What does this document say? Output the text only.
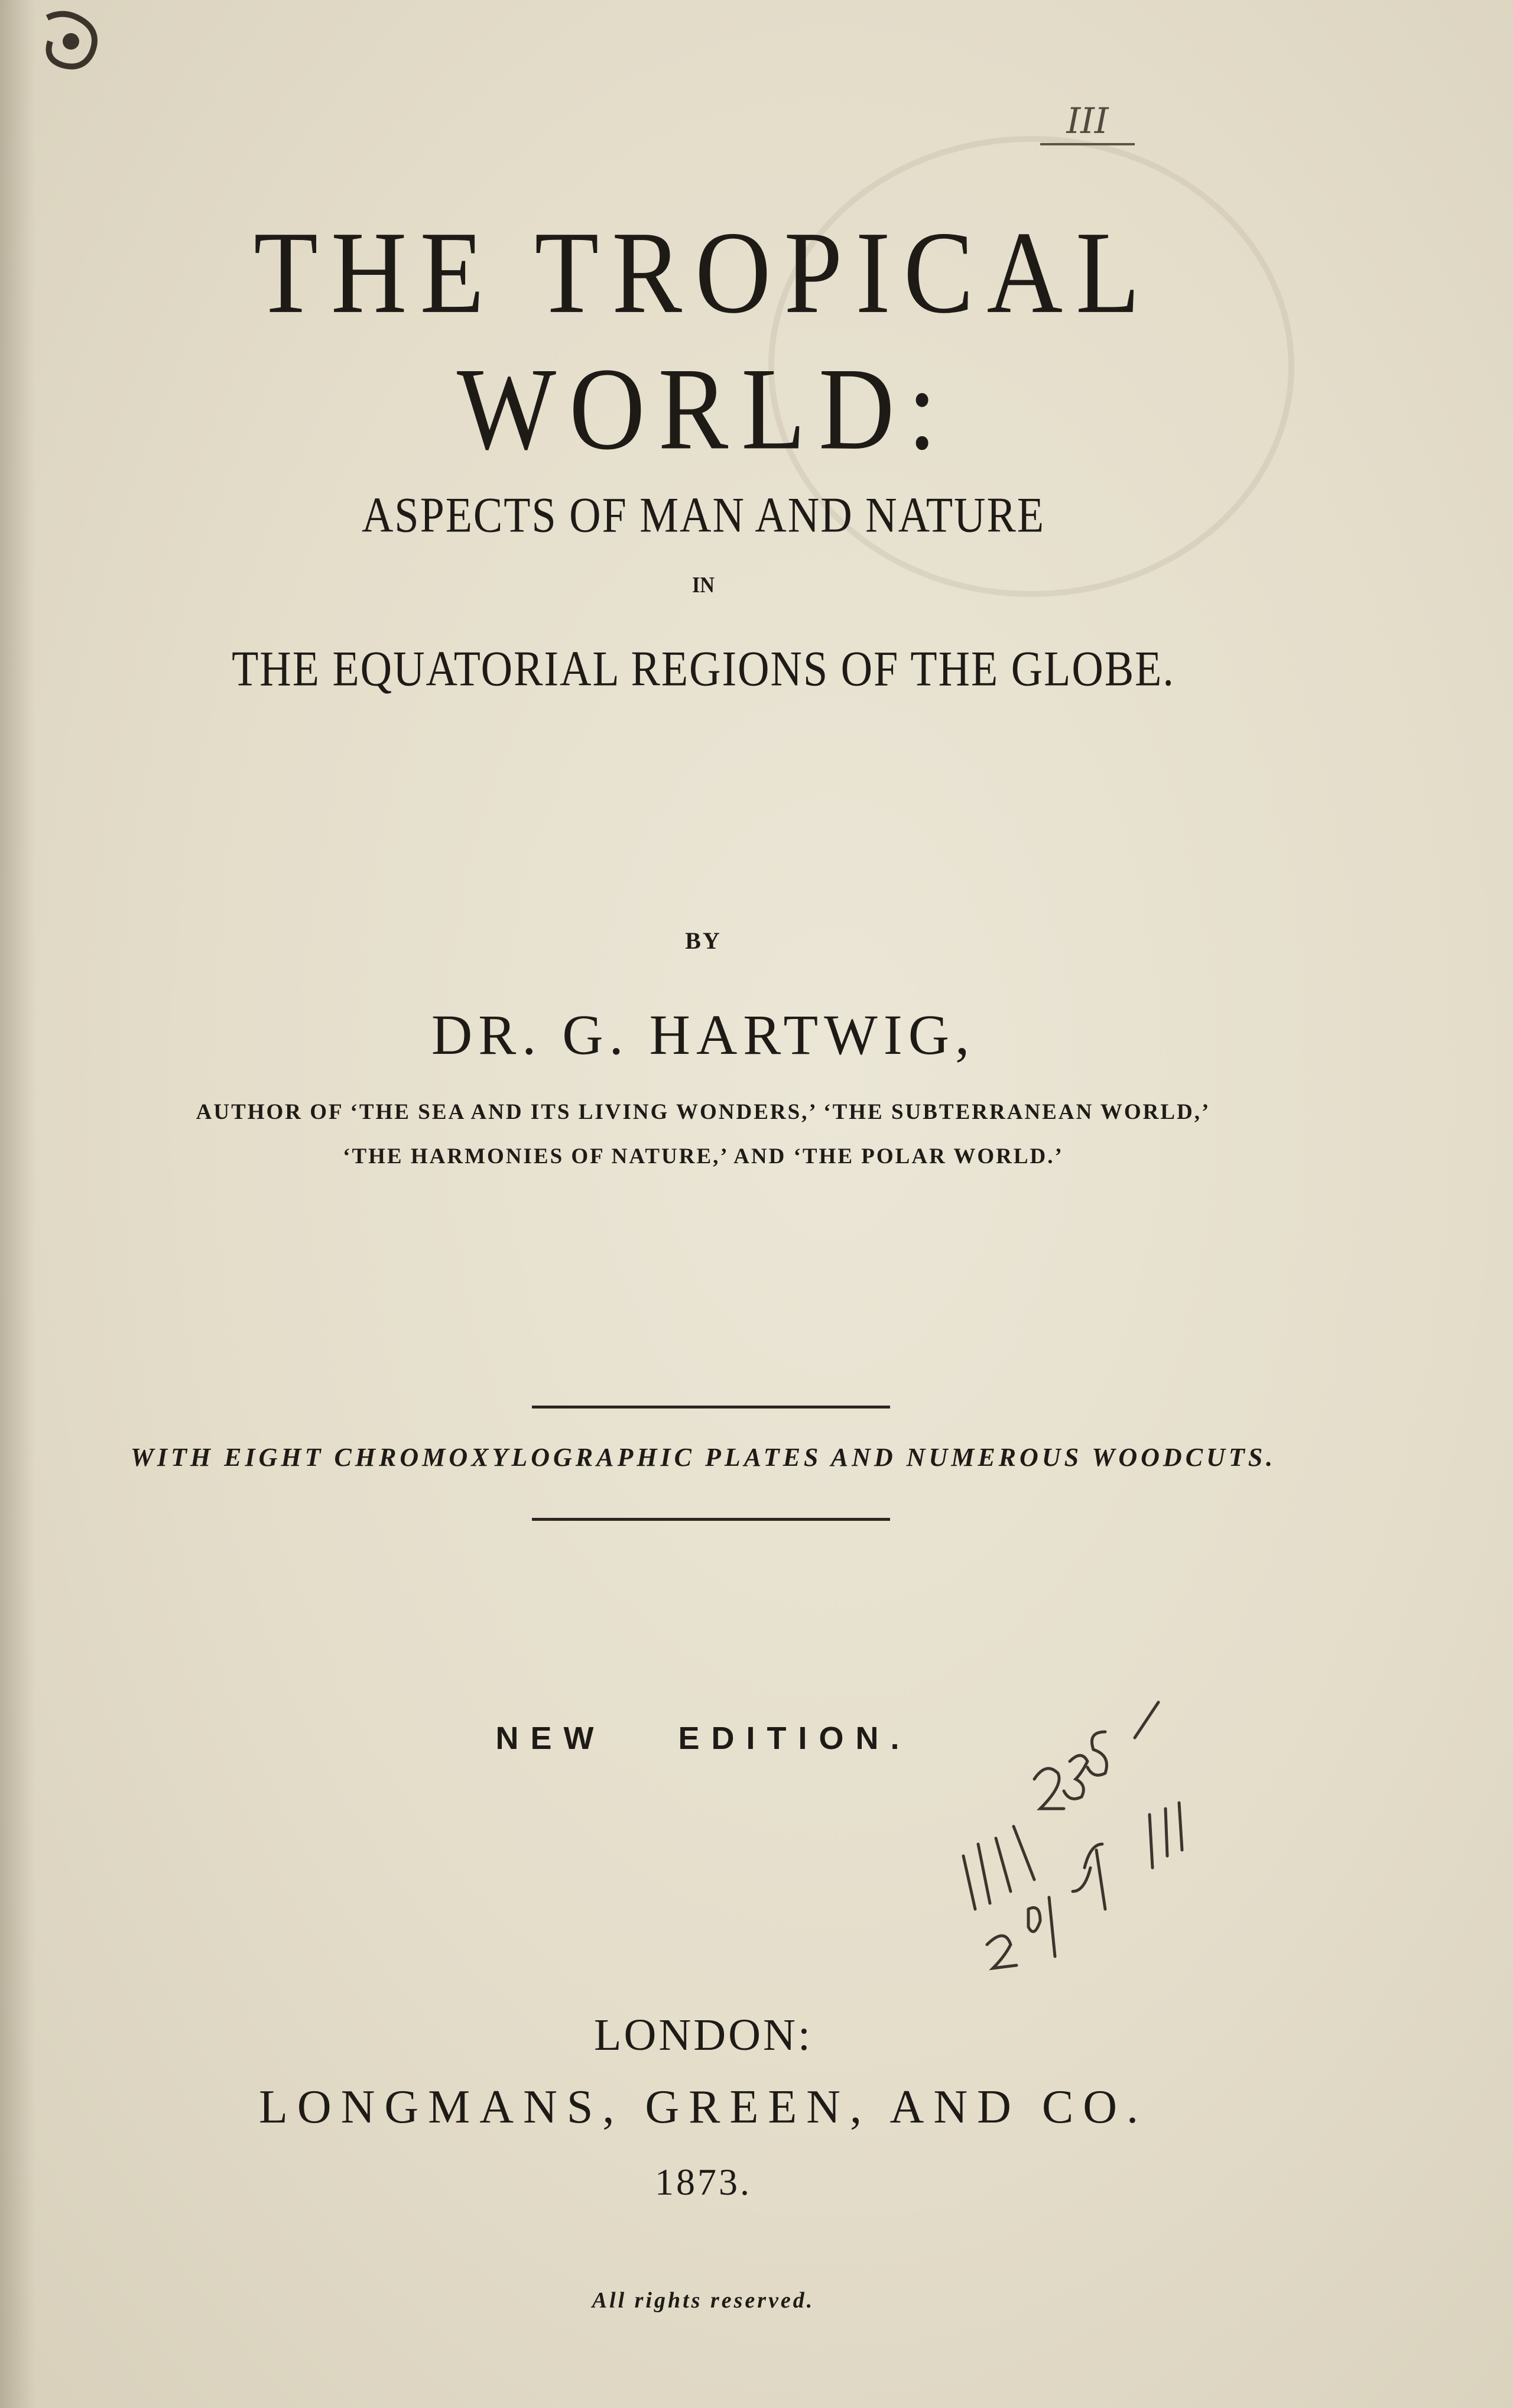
III
THE TROPICAL WORLD:
ASPECTS OF MAN AND NATURE
IN
THE EQUATORIAL REGIONS OF THE GLOBE.
BY
DR. G. HARTWIG,
AUTHOR OF ‘THE SEA AND ITS LIVING WONDERS,’ ‘THE SUBTERRANEAN WORLD,’
‘THE HARMONIES OF NATURE,’ AND ‘THE POLAR WORLD.’
WITH EIGHT CHROMOXYLOGRAPHIC PLATES AND NUMEROUS WOODCUTS.
NEW EDITION.
LONDON:
LONGMANS, GREEN, AND CO.
1873.
All rights reserved.
